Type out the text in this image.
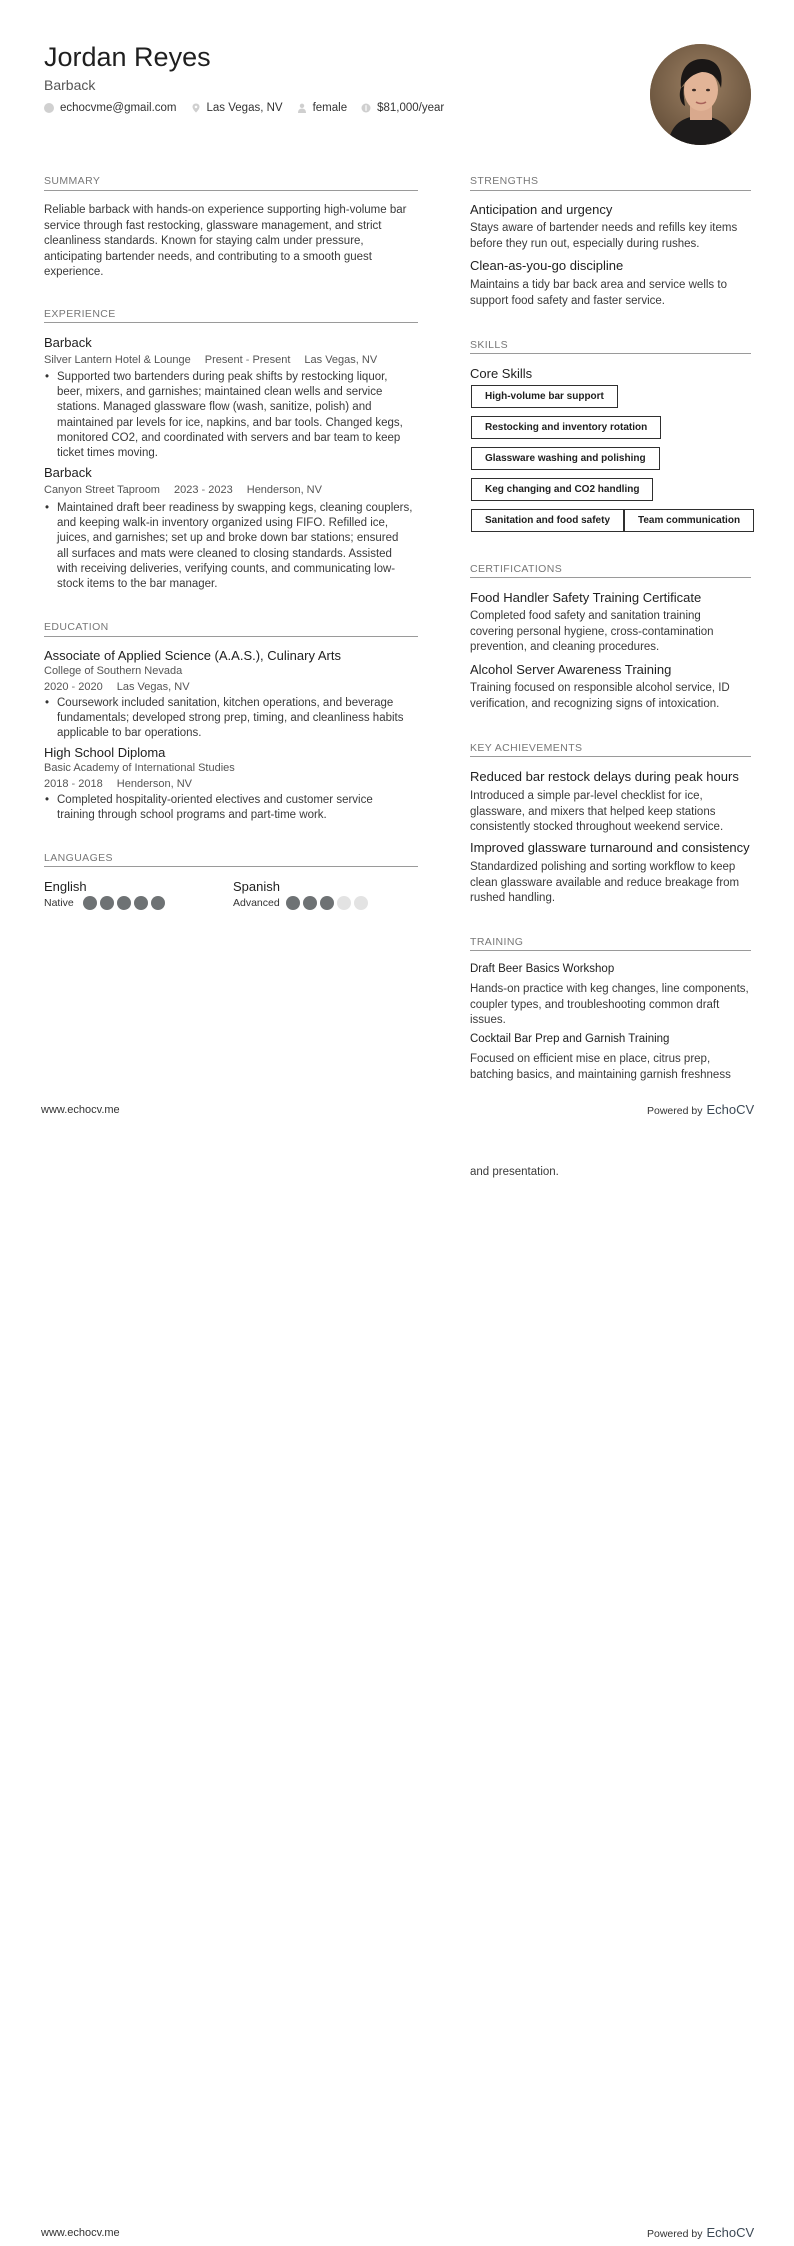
Jordan Reyes
Barback
echocvme@gmail.com	Las Vegas, NV	female	$81,000/year
SUMMARY
Reliable barback with hands-on experience supporting high-volume bar
service through fast restocking, glassware management, and strict
cleanliness standards. Known for staying calm under pressure,
anticipating bartender needs, and contributing to a smooth guest
experience.
EXPERIENCE
Barback
Silver Lantern Hotel & Lounge Present - Present Las Vegas, NV
• Supported two bartenders during peak shifts by restocking liquor,
beer, mixers, and garnishes; maintained clean wells and service
stations. Managed glassware flow (wash, sanitize, polish) and
maintained par levels for ice, napkins, and bar tools. Changed kegs,
monitored CO2, and coordinated with servers and bar team to keep
ticket times moving.
Barback
Canyon Street Taproom 2023 - 2023 Henderson, NV
• Maintained draft beer readiness by swapping kegs, cleaning couplers,
and keeping walk-in inventory organized using FIFO. Refilled ice,
juices, and garnishes; set up and broke down bar stations; ensured
all surfaces and mats were cleaned to closing standards. Assisted
with receiving deliveries, verifying counts, and communicating low-
stock items to the bar manager.
EDUCATION
Associate of Applied Science (A.A.S.), Culinary Arts
College of Southern Nevada
2020 - 2020 Las Vegas, NV
• Coursework included sanitation, kitchen operations, and beverage
fundamentals; developed strong prep, timing, and cleanliness habits
applicable to bar operations.
High School Diploma
Basic Academy of International Studies
2018 - 2018 Henderson, NV
• Completed hospitality-oriented electives and customer service
training through school programs and part-time work.
LANGUAGES
English
Native
Spanish
Advanced
STRENGTHS
Anticipation and urgency
Stays aware of bartender needs and refills key items
before they run out, especially during rushes.
Clean-as-you-go discipline
Maintains a tidy bar back area and service wells to
support food safety and faster service.
SKILLS
Core Skills
High-volume bar support
Restocking and inventory rotation
Glassware washing and polishing
Keg changing and CO2 handling
Sanitation and food safety	Team communication
CERTIFICATIONS
Food Handler Safety Training Certificate
Completed food safety and sanitation training
covering personal hygiene, cross-contamination
prevention, and cleaning procedures.
Alcohol Server Awareness Training
Training focused on responsible alcohol service, ID
verification, and recognizing signs of intoxication.
KEY ACHIEVEMENTS
Reduced bar restock delays during peak hours
Introduced a simple par-level checklist for ice,
glassware, and mixers that helped keep stations
consistently stocked throughout weekend service.
Improved glassware turnaround and consistency
Standardized polishing and sorting workflow to keep
clean glassware available and reduce breakage from
rushed handling.
TRAINING
Draft Beer Basics Workshop
Hands-on practice with keg changes, line components,
coupler types, and troubleshooting common draft
issues.
Cocktail Bar Prep and Garnish Training
Focused on efficient mise en place, citrus prep,
batching basics, and maintaining garnish freshness
www.echocv.me	Powered by EchoCV
and presentation.
www.echocv.me	Powered by EchoCV
